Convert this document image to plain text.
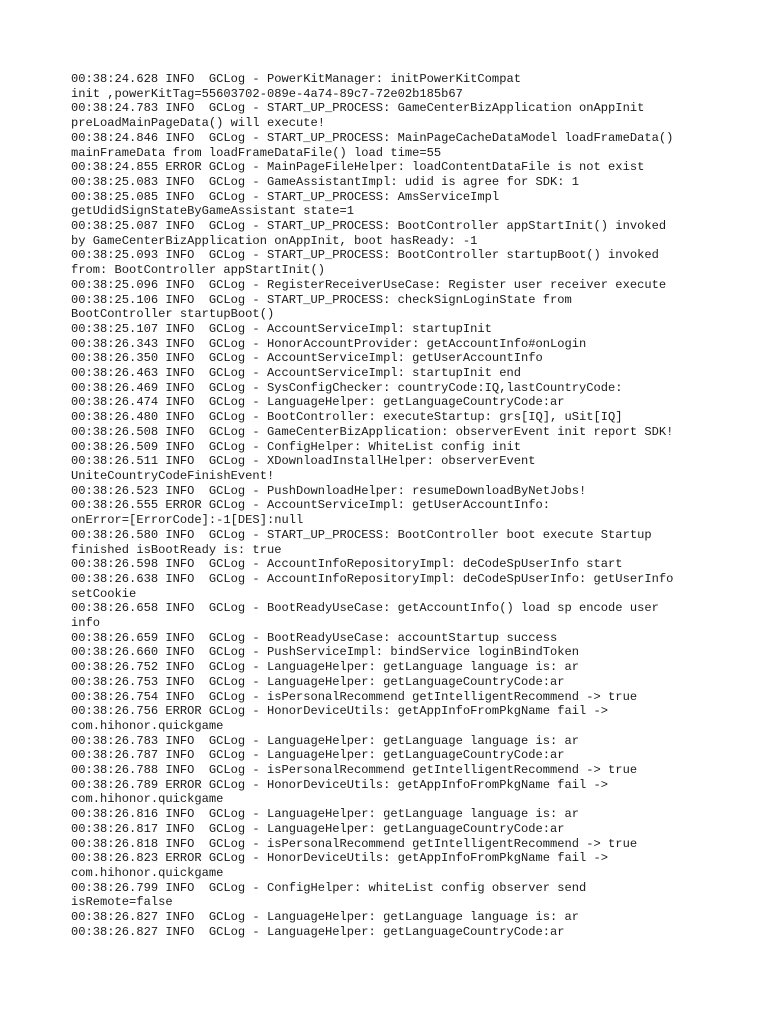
00:38:24.628 INFO  GCLog - PowerKitManager: initPowerKitCompat
init ,powerKitTag=55603702-089e-4a74-89c7-72e02b185b67
00:38:24.783 INFO  GCLog - START_UP_PROCESS: GameCenterBizApplication onAppInit
preLoadMainPageData() will execute!
00:38:24.846 INFO  GCLog - START_UP_PROCESS: MainPageCacheDataModel loadFrameData()
mainFrameData from loadFrameDataFile() load time=55
00:38:24.855 ERROR GCLog - MainPageFileHelper: loadContentDataFile is not exist
00:38:25.083 INFO  GCLog - GameAssistantImpl: udid is agree for SDK: 1
00:38:25.085 INFO  GCLog - START_UP_PROCESS: AmsServiceImpl
getUdidSignStateByGameAssistant state=1
00:38:25.087 INFO  GCLog - START_UP_PROCESS: BootController appStartInit() invoked
by GameCenterBizApplication onAppInit, boot hasReady: -1
00:38:25.093 INFO  GCLog - START_UP_PROCESS: BootController startupBoot() invoked
from: BootController appStartInit()
00:38:25.096 INFO  GCLog - RegisterReceiverUseCase: Register user receiver execute
00:38:25.106 INFO  GCLog - START_UP_PROCESS: checkSignLoginState from
BootController startupBoot()
00:38:25.107 INFO  GCLog - AccountServiceImpl: startupInit
00:38:26.343 INFO  GCLog - HonorAccountProvider: getAccountInfo#onLogin
00:38:26.350 INFO  GCLog - AccountServiceImpl: getUserAccountInfo
00:38:26.463 INFO  GCLog - AccountServiceImpl: startupInit end
00:38:26.469 INFO  GCLog - SysConfigChecker: countryCode:IQ,lastCountryCode:
00:38:26.474 INFO  GCLog - LanguageHelper: getLanguageCountryCode:ar
00:38:26.480 INFO  GCLog - BootController: executeStartup: grs[IQ], uSit[IQ]
00:38:26.508 INFO  GCLog - GameCenterBizApplication: observerEvent init report SDK!
00:38:26.509 INFO  GCLog - ConfigHelper: WhiteList config init
00:38:26.511 INFO  GCLog - XDownloadInstallHelper: observerEvent
UniteCountryCodeFinishEvent!
00:38:26.523 INFO  GCLog - PushDownloadHelper: resumeDownloadByNetJobs!
00:38:26.555 ERROR GCLog - AccountServiceImpl: getUserAccountInfo:
onError=[ErrorCode]:-1[DES]:null
00:38:26.580 INFO  GCLog - START_UP_PROCESS: BootController boot execute Startup
finished isBootReady is: true
00:38:26.598 INFO  GCLog - AccountInfoRepositoryImpl: deCodeSpUserInfo start
00:38:26.638 INFO  GCLog - AccountInfoRepositoryImpl: deCodeSpUserInfo: getUserInfo
setCookie
00:38:26.658 INFO  GCLog - BootReadyUseCase: getAccountInfo() load sp encode user
info
00:38:26.659 INFO  GCLog - BootReadyUseCase: accountStartup success
00:38:26.660 INFO  GCLog - PushServiceImpl: bindService loginBindToken
00:38:26.752 INFO  GCLog - LanguageHelper: getLanguage language is: ar
00:38:26.753 INFO  GCLog - LanguageHelper: getLanguageCountryCode:ar
00:38:26.754 INFO  GCLog - isPersonalRecommend getIntelligentRecommend -> true
00:38:26.756 ERROR GCLog - HonorDeviceUtils: getAppInfoFromPkgName fail ->
com.hihonor.quickgame
00:38:26.783 INFO  GCLog - LanguageHelper: getLanguage language is: ar
00:38:26.787 INFO  GCLog - LanguageHelper: getLanguageCountryCode:ar
00:38:26.788 INFO  GCLog - isPersonalRecommend getIntelligentRecommend -> true
00:38:26.789 ERROR GCLog - HonorDeviceUtils: getAppInfoFromPkgName fail ->
com.hihonor.quickgame
00:38:26.816 INFO  GCLog - LanguageHelper: getLanguage language is: ar
00:38:26.817 INFO  GCLog - LanguageHelper: getLanguageCountryCode:ar
00:38:26.818 INFO  GCLog - isPersonalRecommend getIntelligentRecommend -> true
00:38:26.823 ERROR GCLog - HonorDeviceUtils: getAppInfoFromPkgName fail ->
com.hihonor.quickgame
00:38:26.799 INFO  GCLog - ConfigHelper: whiteList config observer send
isRemote=false
00:38:26.827 INFO  GCLog - LanguageHelper: getLanguage language is: ar
00:38:26.827 INFO  GCLog - LanguageHelper: getLanguageCountryCode:ar
